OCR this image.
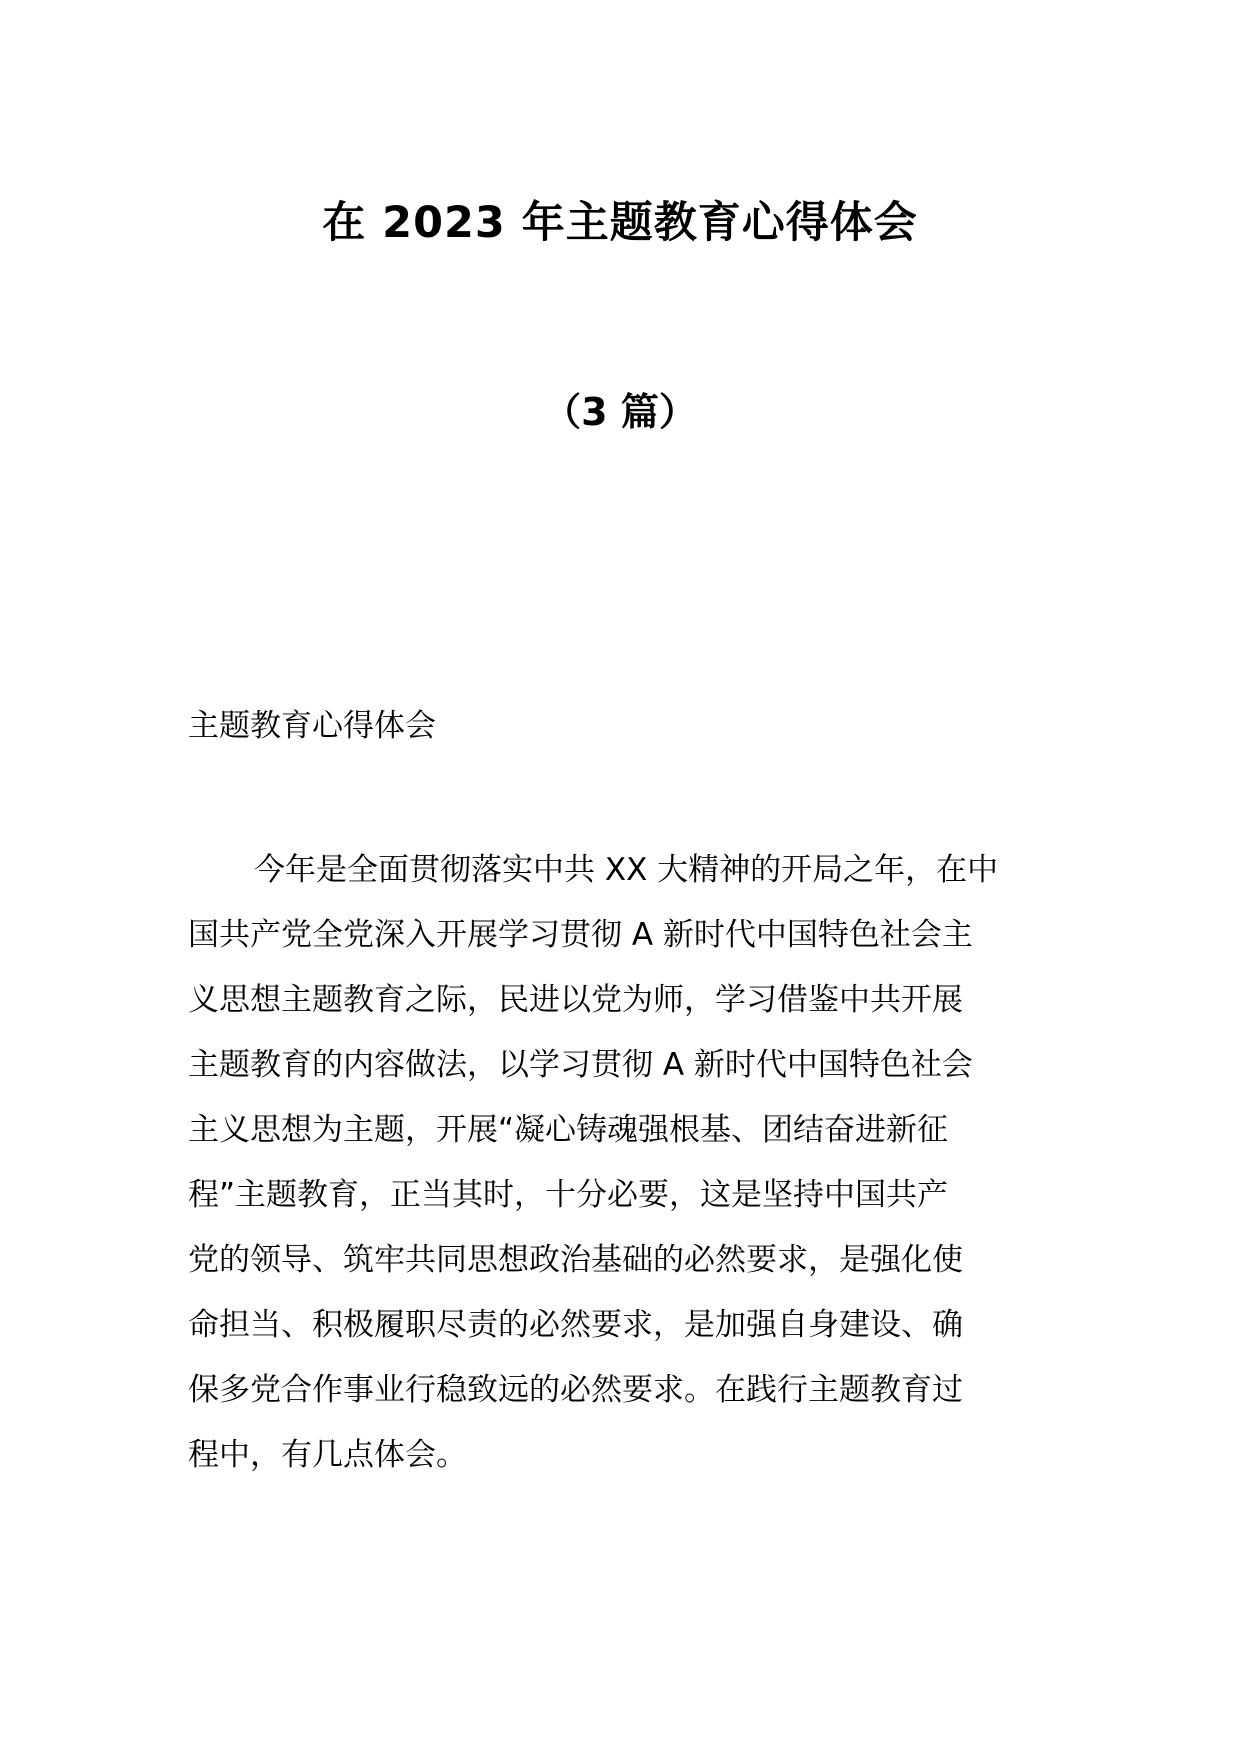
在 2023 年主题教育心得体会
（3 篇）
主题教育心得体会
今年是全面贯彻落实中共 XX 大精神的开局之年，在中
国共产党全党深入开展学习贯彻 A 新时代中国特色社会主
义思想主题教育之际，民进以党为师，学习借鉴中共开展
主题教育的内容做法，以学习贯彻 A 新时代中国特色社会
主义思想为主题，开展“凝心铸魂强根基、团结奋进新征
程”主题教育，正当其时，十分必要，这是坚持中国共产
党的领导、筑牢共同思想政治基础的必然要求，是强化使
命担当、积极履职尽责的必然要求，是加强自身建设、确
保多党合作事业行稳致远的必然要求。在践行主题教育过
程中，有几点体会。
